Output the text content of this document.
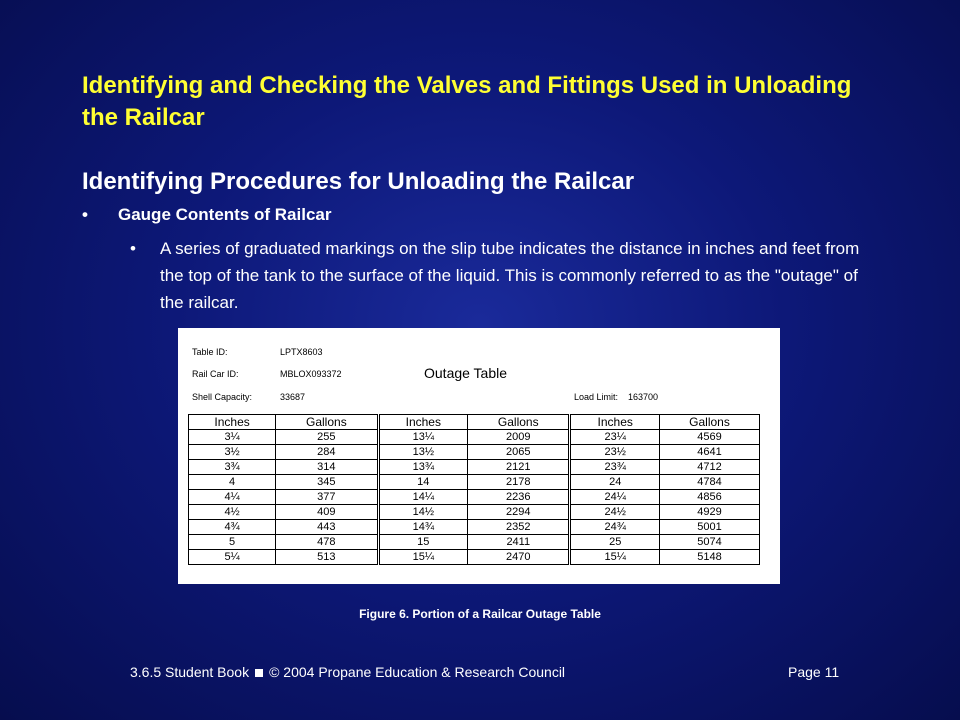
Identifying and Checking the Valves and Fittings Used in Unloading the Railcar
Identifying Procedures for Unloading the Railcar
• Gauge Contents of Railcar
• A series of graduated markings on the slip tube indicates the distance in inches and feet from the top of the tank to the surface of the liquid. This is commonly referred to as the "outage" of the railcar.
Table ID:	LPTX8603
Rail Car ID:	MBLOX093372
Shell Capacity:	33687	Load Limit: 163700
Outage Table
Inches	Gallons	Inches	Gallons	Inches	Gallons
3¼	255	13¼	2009	23¼	4569
3½	284	13½	2065	23½	4641
3¾	314	13¾	2121	23¾	4712
4	345	14	2178	24	4784
4¼	377	14¼	2236	24¼	4856
4½	409	14½	2294	24½	4929
4¾	443	14¾	2352	24¾	5001
5	478	15	2411	25	5074
5¼	513	15¼	2470	15¼	5148
Figure 6. Portion of a Railcar Outage Table
3.6.5 Student Book © 2004 Propane Education & Research Council	Page 11
